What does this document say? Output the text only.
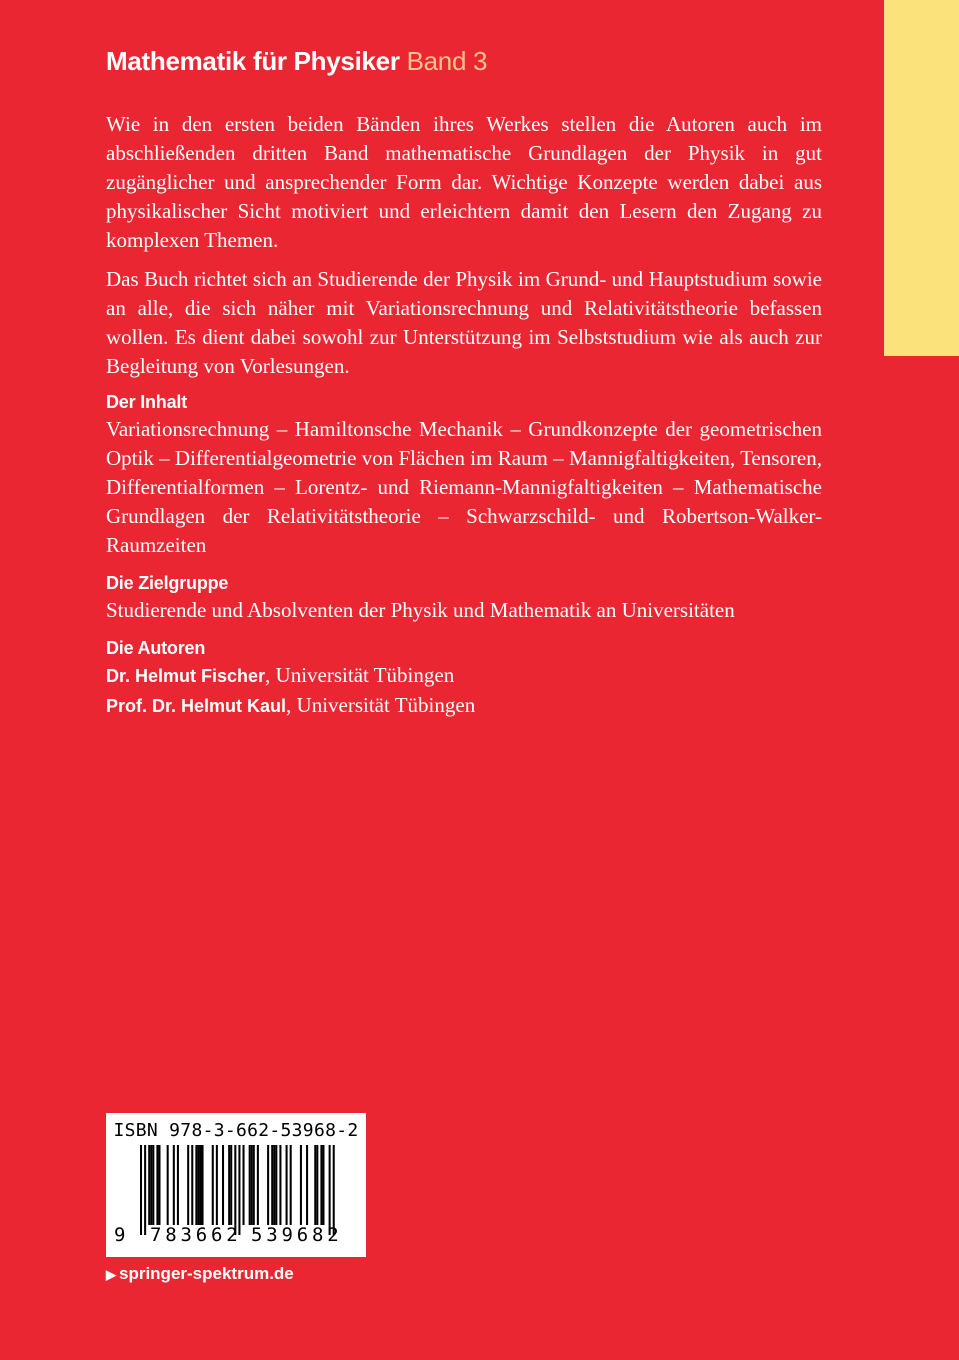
Mathematik für Physiker Band 3

Wie in den ersten beiden Bänden ihres Werkes stellen die Autoren auch im abschließenden dritten Band mathematische Grundlagen der Physik in gut zugänglicher und ansprechender Form dar. Wichtige Konzepte werden dabei aus physikalischer Sicht motiviert und erleichtern damit den Lesern den Zugang zu komplexen Themen.

Das Buch richtet sich an Studierende der Physik im Grund- und Hauptstudium sowie an alle, die sich näher mit Variationsrechnung und Relativitätstheorie befassen wollen. Es dient dabei sowohl zur Unterstützung im Selbststudium wie als auch zur Begleitung von Vorlesungen.

Der Inhalt

Variationsrechnung – Hamiltonsche Mechanik – Grundkonzepte der geometrischen Optik – Differentialgeometrie von Flächen im Raum – Mannigfaltigkeiten, Tensoren, Differentialformen – Lorentz- und Riemann-Mannigfaltigkeiten – Mathematische Grundlagen der Relativitätstheorie – Schwarzschild- und Robertson-Walker-Raumzeiten

Die Zielgruppe

Studierende und Absolventen der Physik und Mathematik an Universitäten

Die Autoren

Dr. Helmut Fischer, Universität Tübingen

Prof. Dr. Helmut Kaul, Universität Tübingen

ISBN 978-3-662-53968-2
9 783662 539682
▶ springer-spektrum.de
